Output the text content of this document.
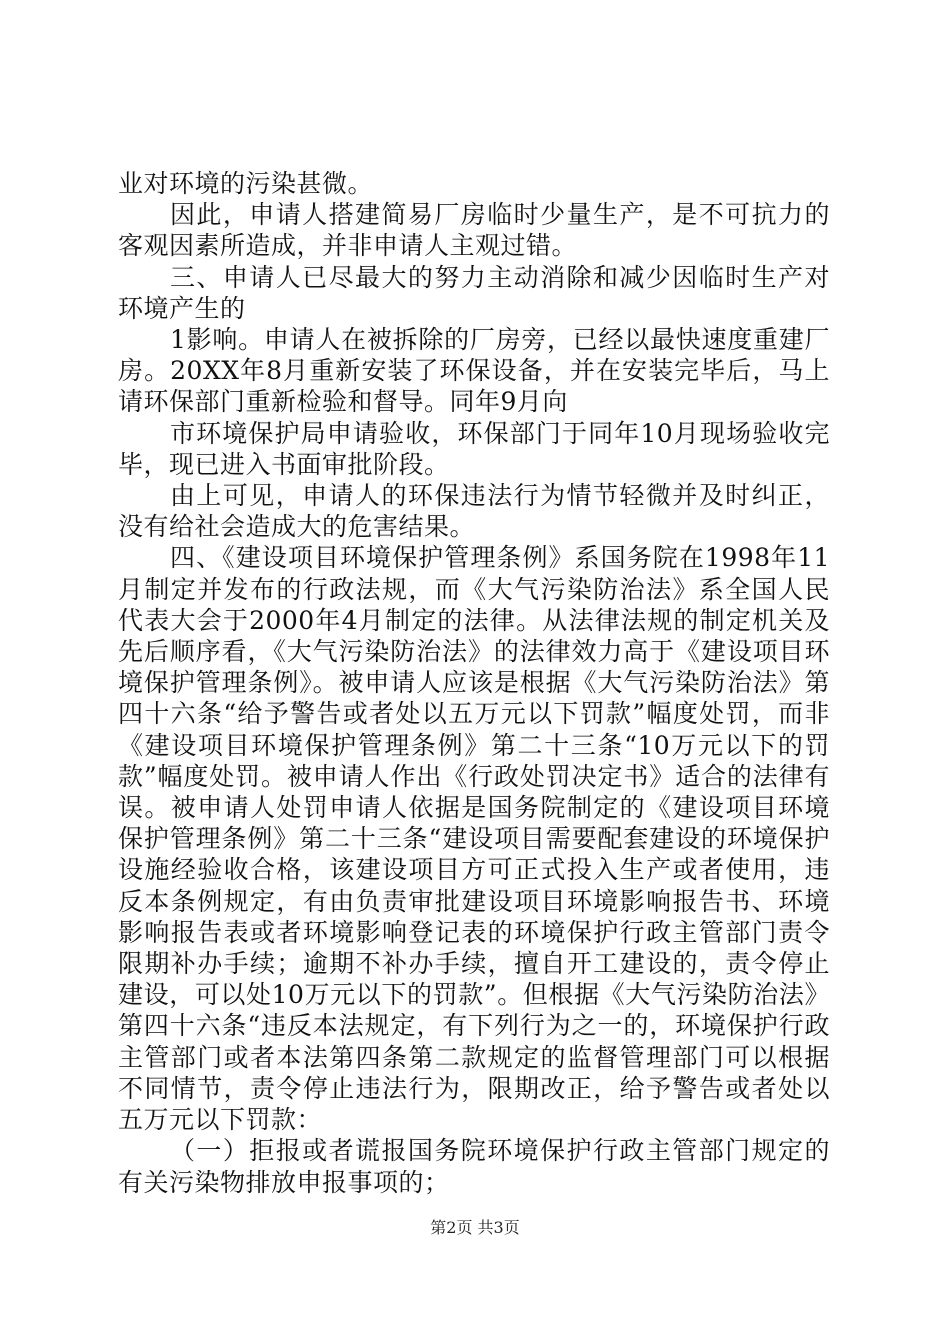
业对环境的污染甚微。

因此，申请人搭建简易厂房临时少量生产，是不可抗力的客观因素所造成，并非申请人主观过错。

三、申请人已尽最大的努力主动消除和减少因临时生产对环境产生的

1影响。申请人在被拆除的厂房旁，已经以最快速度重建厂房。20XX年8月重新安装了环保设备，并在安装完毕后，马上请环保部门重新检验和督导。同年9月向

市环境保护局申请验收，环保部门于同年10月现场验收完毕，现已进入书面审批阶段。

由上可见，申请人的环保违法行为情节轻微并及时纠正，没有给社会造成大的危害结果。

四、《建设项目环境保护管理条例》系国务院在1998年11月制定并发布的行政法规，而《大气污染防治法》系全国人民代表大会于2000年4月制定的法律。从法律法规的制定机关及先后顺序看，《大气污染防治法》的法律效力高于《建设项目环境保护管理条例》。被申请人应该是根据《大气污染防治法》第四十六条“给予警告或者处以五万元以下罚款”幅度处罚，而非《建设项目环境保护管理条例》第二十三条“10万元以下的罚款”幅度处罚。被申请人作出《行政处罚决定书》适合的法律有误。被申请人处罚申请人依据是国务院制定的《建设项目环境保护管理条例》第二十三条“建设项目需要配套建设的环境保护设施经验收合格，该建设项目方可正式投入生产或者使用，违反本条例规定，有由负责审批建设项目环境影响报告书、环境影响报告表或者环境影响登记表的环境保护行政主管部门责令限期补办手续；逾期不补办手续，擅自开工建设的，责令停止建设，可以处10万元以下的罚款”。但根据《大气污染防治法》第四十六条“违反本法规定，有下列行为之一的，环境保护行政主管部门或者本法第四条第二款规定的监督管理部门可以根据不同情节，责令停止违法行为，限期改正，给予警告或者处以五万元以下罚款：

（一）拒报或者谎报国务院环境保护行政主管部门规定的有关污染物排放申报事项的；

第2页 共3页
